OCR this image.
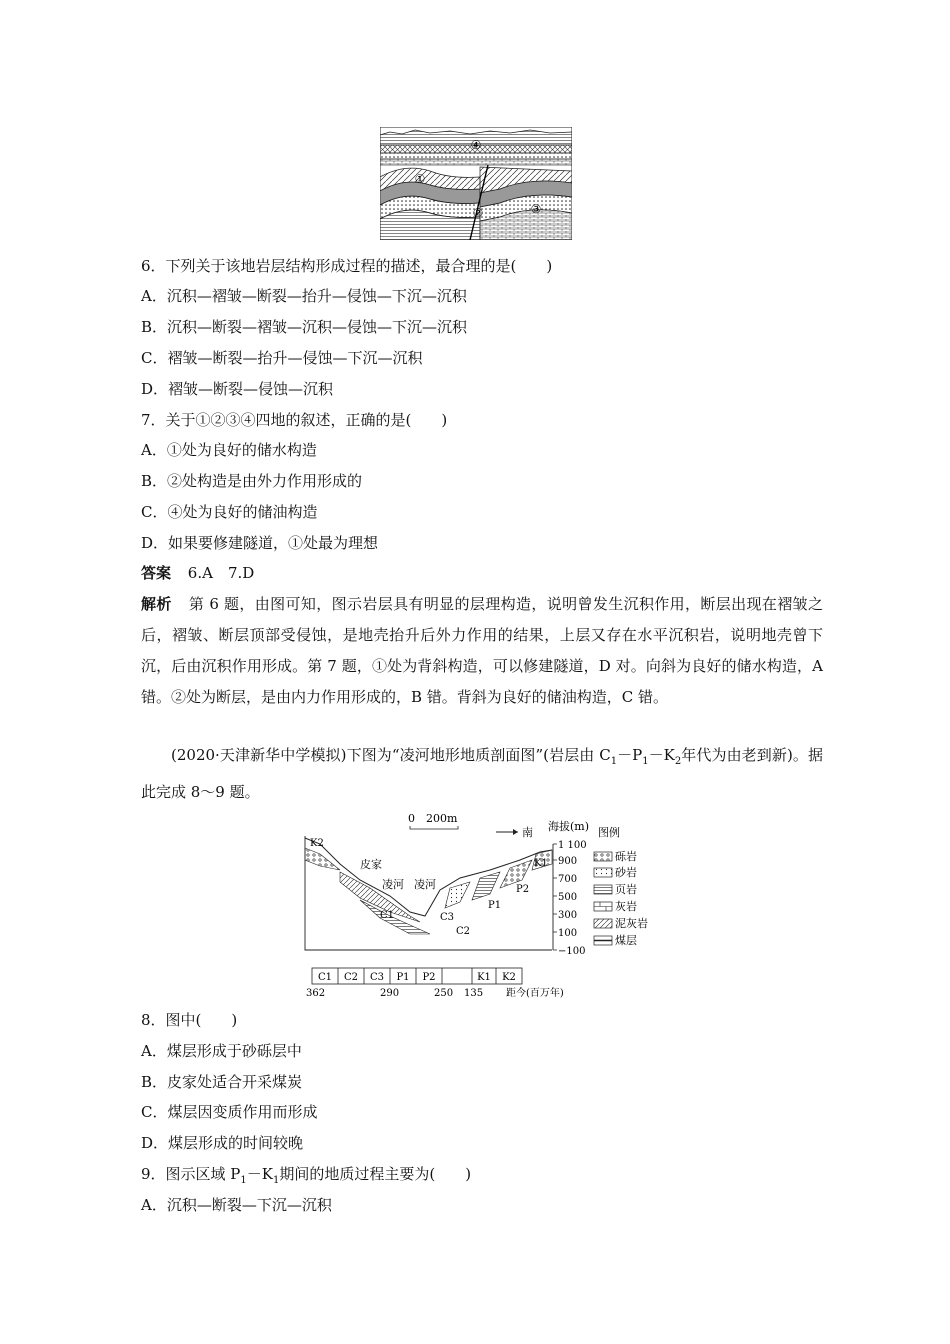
④
①
②	③
6．下列关于该地岩层结构形成过程的描述，最合理的是(　　)
A．沉积—褶皱—断裂—抬升—侵蚀—下沉—沉积
B．沉积—断裂—褶皱—沉积—侵蚀—下沉—沉积
C．褶皱—断裂—抬升—侵蚀—下沉—沉积
D．褶皱—断裂—侵蚀—沉积
7．关于①②③④四地的叙述，正确的是(　　)
A．①处为良好的储水构造
B．②处构造是由外力作用形成的
C．④处为良好的储油构造
D．如果要修建隧道，①处最为理想
答案 6.A　7.D
解析 第 6 题，由图可知，图示岩层具有明显的层理构造，说明曾发生沉积作用，断层出现在褶皱之后，褶皱、断层顶部受侵蚀，是地壳抬升后外力作用的结果，上层又存在水平沉积岩，说明地壳曾下沉，后由沉积作用形成。第 7 题，①处为背斜构造，可以修建隧道，D 对。向斜为良好的储水构造，A 错。②处为断层，是由内力作用形成的，B 错。背斜为良好的储油构造，C 错。
(2020·天津新华中学模拟)下图为“凌河地形地质剖面图”(岩层由 $C_1-P_1-K_2$年代为由老到新)。据此完成 8～9 题。
0 200m
南 海拔(m)
1 100
900
700
500
300
100
−100
图例
砾岩
砂岩
页岩
灰岩
泥灰岩
煤层
皮家
凌河 凌河
K2
K1
C1	C3
C2
P1
P2
C1 C2 C3 P1 P2	K1 K2
362	290	250 135 距今(百万年)
8．图中(　　)
A．煤层形成于砂砾层中
B．皮家处适合开采煤炭
C．煤层因变质作用而形成
D．煤层形成的时间较晚
9．图示区域 $P_1-K_1$期间的地质过程主要为(　　)
A．沉积—断裂—下沉—沉积
